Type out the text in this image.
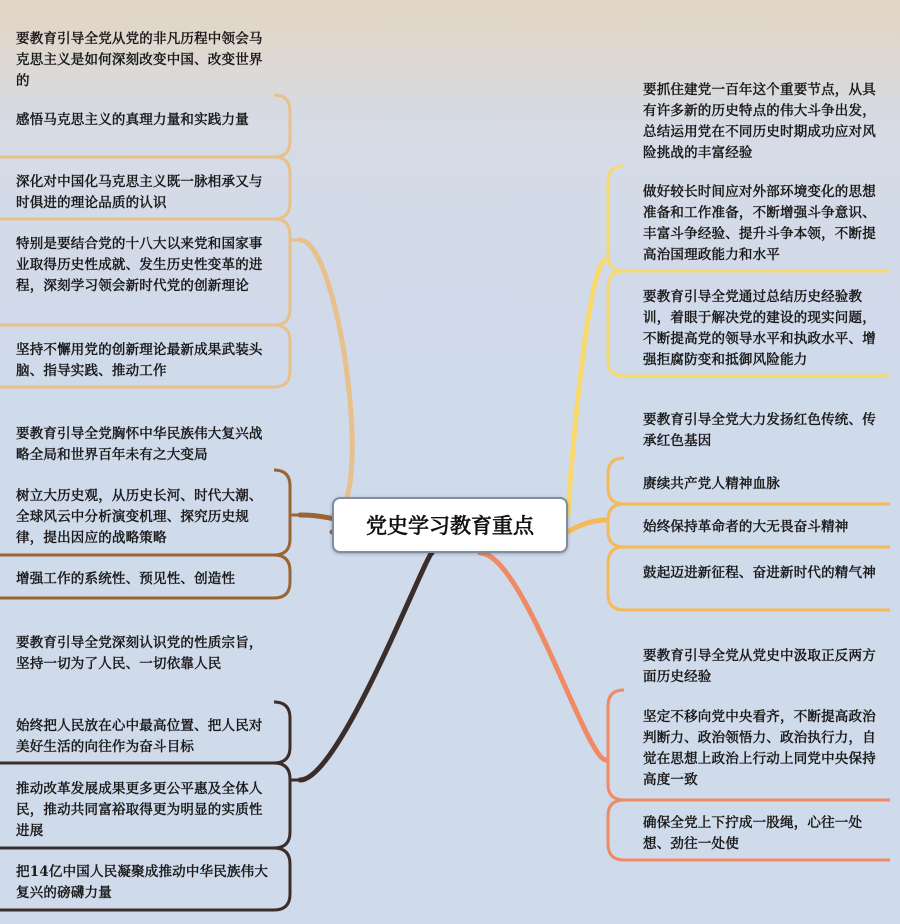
党史学习教育重点

要教育引导全党从党的非凡历程中领会马克思主义是如何深刻改变中国、改变世界的

感悟马克思主义的真理力量和实践力量

深化对中国化马克思主义既一脉相承又与时俱进的理论品质的认识

特别是要结合党的十八大以来党和国家事业取得历史性成就、发生历史性变革的进程，深刻学习领会新时代党的创新理论

坚持不懈用党的创新理论最新成果武装头脑、指导实践、推动工作

要教育引导全党胸怀中华民族伟大复兴战略全局和世界百年未有之大变局

树立大历史观，从历史长河、时代大潮、全球风云中分析演变机理、探究历史规律，提出因应的战略策略

增强工作的系统性、预见性、创造性

要教育引导全党深刻认识党的性质宗旨，坚持一切为了人民、一切依靠人民

始终把人民放在心中最高位置、把人民对美好生活的向往作为奋斗目标

推动改革发展成果更多更公平惠及全体人民，推动共同富裕取得更为明显的实质性进展

把14亿中国人民凝聚成推动中华民族伟大复兴的磅礴力量

要抓住建党一百年这个重要节点，从具有许多新的历史特点的伟大斗争出发，总结运用党在不同历史时期成功应对风险挑战的丰富经验

做好较长时间应对外部环境变化的思想准备和工作准备，不断增强斗争意识、丰富斗争经验、提升斗争本领，不断提高治国理政能力和水平

要教育引导全党通过总结历史经验教训，着眼于解决党的建设的现实问题，不断提高党的领导水平和执政水平、增强拒腐防变和抵御风险能力

要教育引导全党大力发扬红色传统、传承红色基因

赓续共产党人精神血脉

始终保持革命者的大无畏奋斗精神

鼓起迈进新征程、奋进新时代的精气神

要教育引导全党从党史中汲取正反两方面历史经验

坚定不移向党中央看齐，不断提高政治判断力、政治领悟力、政治执行力，自觉在思想上政治上行动上同党中央保持高度一致

确保全党上下拧成一股绳，心往一处想、劲往一处使
